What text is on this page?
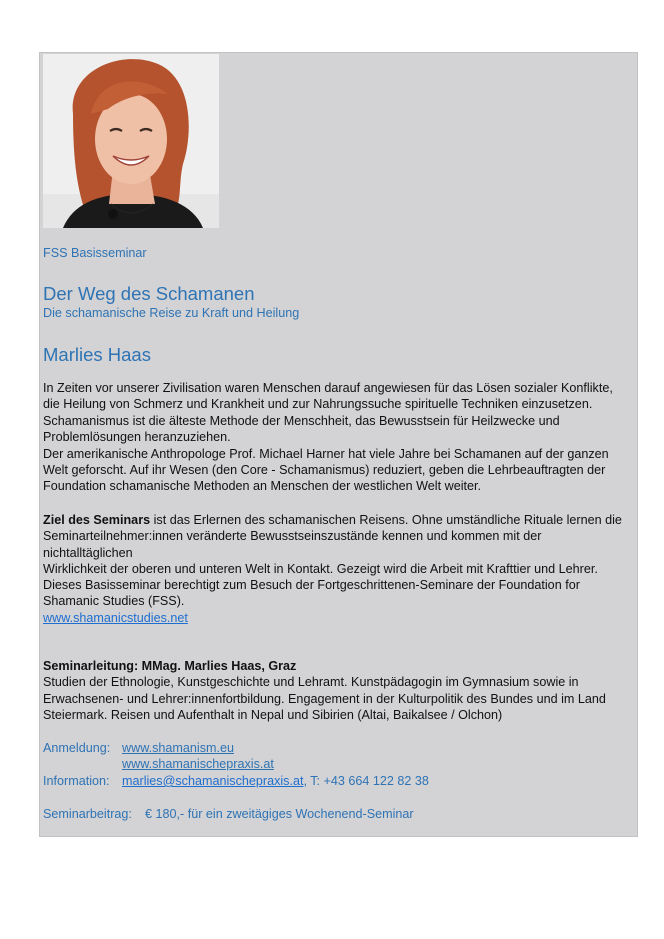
FSS Basisseminar

Der Weg des Schamanen

Die schamanische Reise zu Kraft und Heilung

Marlies Haas
In Zeiten vor unserer Zivilisation waren Menschen darauf angewiesen für das Lösen sozialer Konflikte,
die Heilung von Schmerz und Krankheit und zur Nahrungssuche spirituelle Techniken einzusetzen.
Schamanismus ist die älteste Methode der Menschheit, das Bewusstsein für Heilzwecke und
Problemlösungen heranzuziehen.
Der amerikanische Anthropologe Prof. Michael Harner hat viele Jahre bei Schamanen auf der ganzen
Welt geforscht. Auf ihr Wesen (den Core - Schamanismus) reduziert, geben die Lehrbeauftragten der
Foundation schamanische Methoden an Menschen der westlichen Welt weiter.
Ziel des Seminars ist das Erlernen des schamanischen Reisens. Ohne umständliche Rituale lernen die
Seminarteilnehmer:innen veränderte Bewusstseinszustände kennen und kommen mit der nichtalltäglichen
Wirklichkeit der oberen und unteren Welt in Kontakt. Gezeigt wird die Arbeit mit Krafttier und Lehrer.
Dieses Basisseminar berechtigt zum Besuch der Fortgeschrittenen-Seminare der Foundation for
Shamanic Studies (FSS).
www.shamanicstudies.net
Seminarleitung: MMag. Marlies Haas, Graz
Studien der Ethnologie, Kunstgeschichte und Lehramt. Kunstpädagogin im Gymnasium sowie in
Erwachsenen- und Lehrer:innenfortbildung. Engagement in der Kulturpolitik des Bundes und im Land
Steiermark. Reisen und Aufenthalt in Nepal und Sibirien (Altai, Baikalsee / Olchon)
Anmeldung: www.shamanism.eu
www.shamanischepraxis.at
Information: marlies@schamanischepraxis.at, T: +43 664 122 82 38
Seminarbeitrag: € 180,- für ein zweitägiges Wochenend-Seminar
